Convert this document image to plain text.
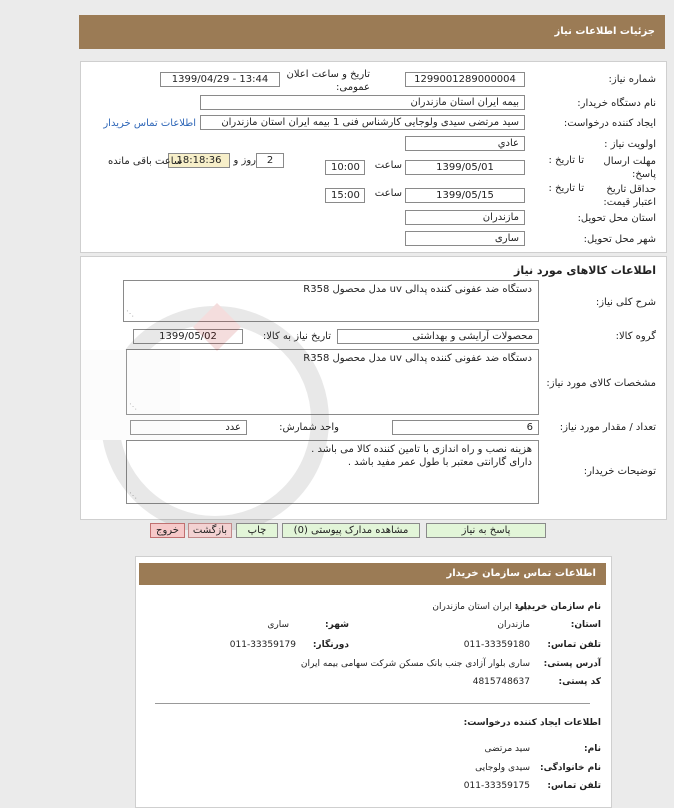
جزئیات اطلاعات نیاز
شماره نیاز:
1299001289000004
تاریخ و ساعت اعلان عمومی:
1399/04/29 - 13:44
نام دستگاه خریدار:
بیمه ایران استان مازندران
ایجاد کننده درخواست:
سید مرتضی سیدی ولوجایی کارشناس فنی 1 بیمه ایران استان مازندران
اطلاعات تماس خریدار
اولویت نیاز :
عادي
مهلت ارسال پاسخ:
تا تاریخ :
1399/05/01
ساعت
10:00
2
روز و
18:18:36
ساعت باقی مانده
حداقل تاریخ اعتبار قیمت:
تا تاریخ :
1399/05/15
ساعت
15:00
استان محل تحویل:
مازندران
شهر محل تحویل:
ساری
اطلاعات کالاهای مورد نیاز
شرح کلی نیاز:
دستگاه ضد عفونی کننده پدالی uv مدل محصول R358
⋰
گروه کالا:
محصولات آرایشی و بهداشتی
تاریخ نیاز به کالا:
1399/05/02
مشخصات کالای مورد نیاز:
دستگاه ضد عفونی کننده پدالی uv مدل محصول R358
⋰
تعداد / مقدار مورد نیاز:
6
واحد شمارش:
عدد
توضیحات خریدار:
هزینه نصب و راه اندازی با تامین کننده کالا می باشد .
دارای گارانتی معتبر با طول عمر مفید باشد .
⋰
پاسخ به نیاز
مشاهده مدارک پیوستی (0)
چاپ
بازگشت
خروج
اطلاعات تماس سازمان خریدار
نام سازمان خریدار:
بیمه ایران استان مازندران
استان:
مازندران
شهر:
ساری
تلفن تماس:
011-33359180
دورنگار:
011-33359179
آدرس پستی:
ساری بلوار آزادی جنب بانک مسکن شرکت سهامی بیمه ایران
کد پستی:
4815748637
اطلاعات ایجاد کننده درخواست:
نام:
سید مرتضی
نام خانوادگی:
سیدی ولوجایی
تلفن تماس:
011-33359175
